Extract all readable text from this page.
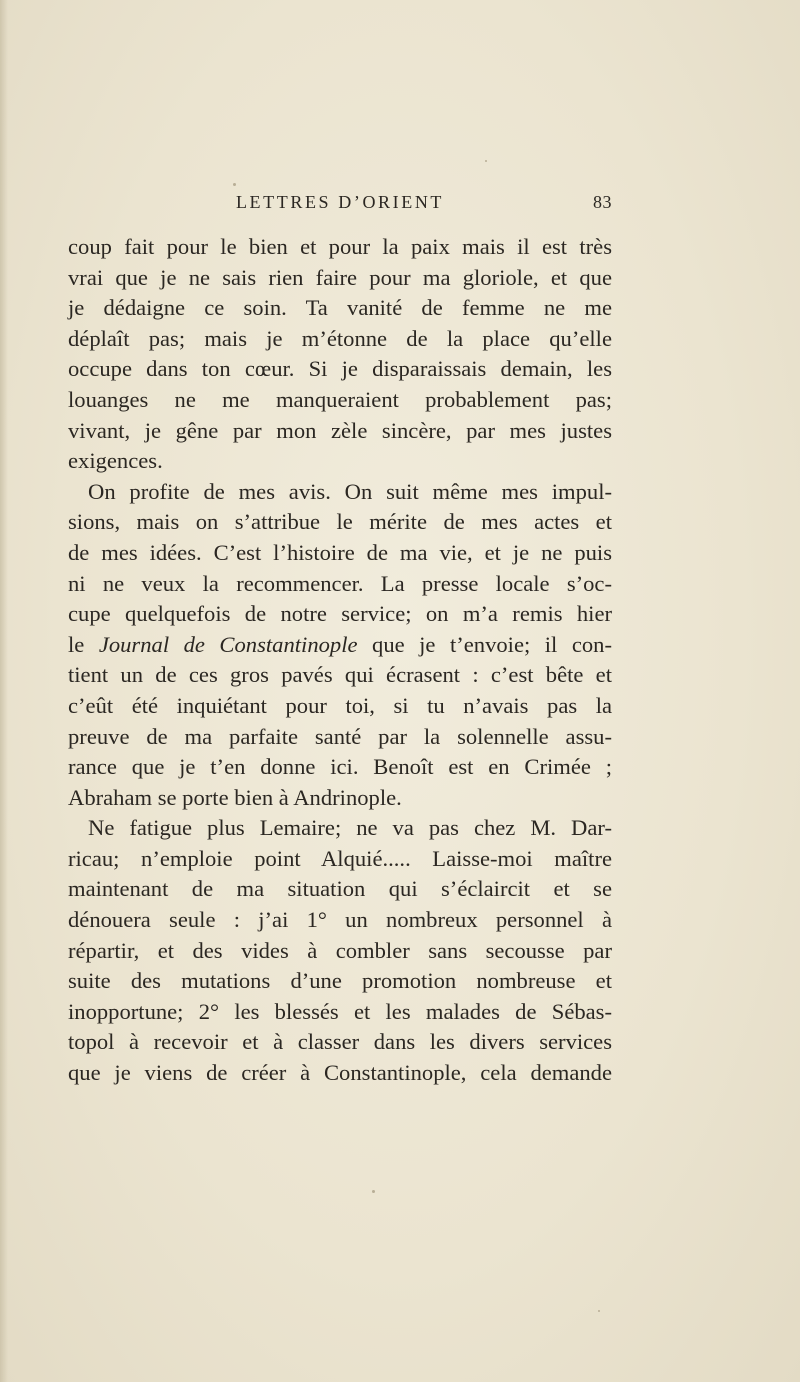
LETTRES D’ORIENT	83
coup fait pour le bien et pour la paix mais il est très
vrai que je ne sais rien faire pour ma gloriole, et que
je dédaigne ce soin. Ta vanité de femme ne me
déplaît pas; mais je m’étonne de la place qu’elle
occupe dans ton cœur. Si je disparaissais demain, les
louanges ne me manqueraient probablement pas;
vivant, je gêne par mon zèle sincère, par mes justes
exigences.
On profite de mes avis. On suit même mes impul-
sions, mais on s’attribue le mérite de mes actes et
de mes idées. C’est l’histoire de ma vie, et je ne puis
ni ne veux la recommencer. La presse locale s’oc-
cupe quelquefois de notre service; on m’a remis hier
le Journal de Constantinople que je t’envoie; il con-
tient un de ces gros pavés qui écrasent : c’est bête et
c’eût été inquiétant pour toi, si tu n’avais pas la
preuve de ma parfaite santé par la solennelle assu-
rance que je t’en donne ici. Benoît est en Crimée ;
Abraham se porte bien à Andrinople.
Ne fatigue plus Lemaire; ne va pas chez M. Dar-
ricau; n’emploie point Alquié..... Laisse-moi maître
maintenant de ma situation qui s’éclaircit et se
dénouera seule : j’ai 1° un nombreux personnel à
répartir, et des vides à combler sans secousse par
suite des mutations d’une promotion nombreuse et
inopportune; 2° les blessés et les malades de Sébas-
topol à recevoir et à classer dans les divers services
que je viens de créer à Constantinople, cela demande
